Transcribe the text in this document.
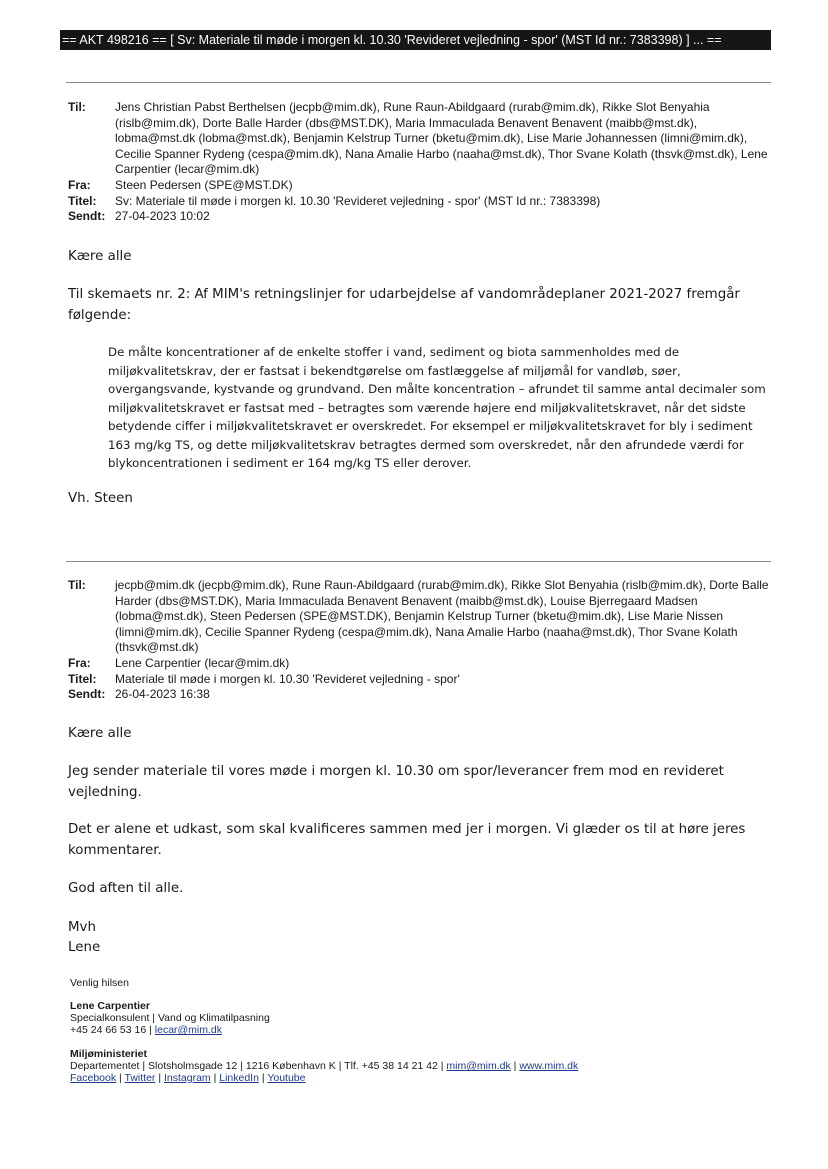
== AKT 498216 == [ Sv: Materiale til møde i morgen kl. 10.30 'Revideret vejledning - spor' (MST Id nr.: 7383398) ] ... ==
Til:	Jens Christian Pabst Berthelsen (jecpb@mim.dk), Rune Raun-Abildgaard (rurab@mim.dk), Rikke Slot Benyahia (rislb@mim.dk), Dorte Balle Harder (dbs@MST.DK), Maria Immaculada Benavent Benavent (maibb@mst.dk), lobma@mst.dk (lobma@mst.dk), Benjamin Kelstrup Turner (bketu@mim.dk), Lise Marie Johannessen (limni@mim.dk), Cecilie Spanner Rydeng (cespa@mim.dk), Nana Amalie Harbo (naaha@mst.dk), Thor Svane Kolath (thsvk@mst.dk), Lene Carpentier (lecar@mim.dk)
Fra:	Steen Pedersen (SPE@MST.DK)
Titel:	Sv: Materiale til møde i morgen kl. 10.30 'Revideret vejledning - spor' (MST Id nr.: 7383398)
Sendt: 27-04-2023 10:02
Kære alle
Til skemaets nr. 2: Af MIM's retningslinjer for udarbejdelse af vandområdeplaner 2021-2027 fremgår følgende:
De målte koncentrationer af de enkelte stoffer i vand, sediment og biota sammenholdes med de miljøkvalitetskrav, der er fastsat i bekendtgørelse om fastlæggelse af miljømål for vandløb, søer, overgangsvande, kystvande og grundvand. Den målte koncentration – afrundet til samme antal decimaler som miljøkvalitetskravet er fastsat med – betragtes som værende højere end miljøkvalitetskravet, når det sidste betydende ciffer i miljøkvalitetskravet er overskredet. For eksempel er miljøkvalitetskravet for bly i sediment 163 mg/kg TS, og dette miljøkvalitetskrav betragtes dermed som overskredet, når den afrundede værdi for blykoncentrationen i sediment er 164 mg/kg TS eller derover.
Vh. Steen
Til:	jecpb@mim.dk (jecpb@mim.dk), Rune Raun-Abildgaard (rurab@mim.dk), Rikke Slot Benyahia (rislb@mim.dk), Dorte Balle Harder (dbs@MST.DK), Maria Immaculada Benavent Benavent (maibb@mst.dk), Louise Bjerregaard Madsen (lobma@mst.dk), Steen Pedersen (SPE@MST.DK), Benjamin Kelstrup Turner (bketu@mim.dk), Lise Marie Nissen (limni@mim.dk), Cecilie Spanner Rydeng (cespa@mim.dk), Nana Amalie Harbo (naaha@mst.dk), Thor Svane Kolath (thsvk@mst.dk)
Fra:	Lene Carpentier (lecar@mim.dk)
Titel:	Materiale til møde i morgen kl. 10.30 'Revideret vejledning - spor'
Sendt: 26-04-2023 16:38
Kære alle
Jeg sender materiale til vores møde i morgen kl. 10.30 om spor/leverancer frem mod en revideret vejledning.
Det er alene et udkast, som skal kvalificeres sammen med jer i morgen. Vi glæder os til at høre jeres kommentarer.
God aften til alle.
Mvh
Lene
Venlig hilsen
Lene Carpentier
Specialkonsulent | Vand og Klimatilpasning
+45 24 66 53 16 | lecar@mim.dk
Miljøministeriet
Departementet | Slotsholmsgade 12 | 1216 København K | Tlf. +45 38 14 21 42 | mim@mim.dk | www.mim.dk
Facebook | Twitter | Instagram | LinkedIn | Youtube
